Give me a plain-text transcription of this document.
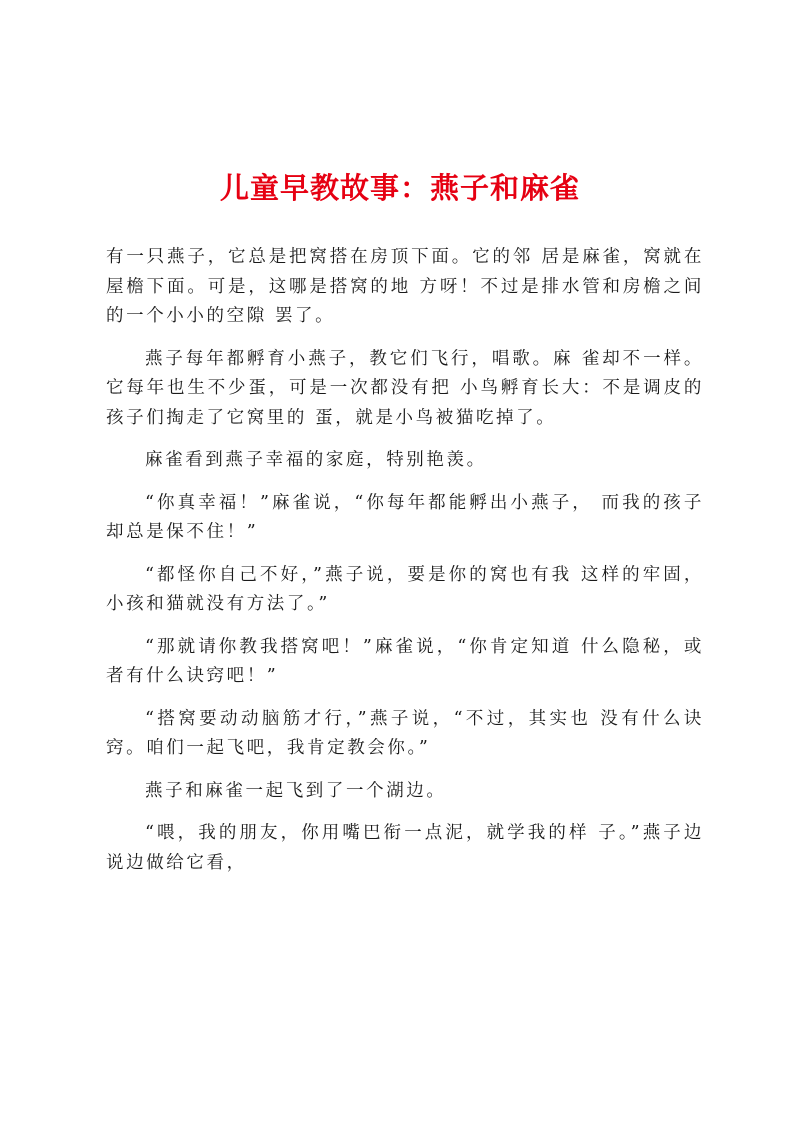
儿童早教故事：燕子和麻雀

有一只燕子，它总是把窝搭在房顶下面。它的邻 居是麻雀，窝就在屋檐下面。可是，这哪是搭窝的地 方呀！不过是排水管和房檐之间的一个小小的空隙 罢了。

燕子每年都孵育小燕子，教它们飞行，唱歌。麻 雀却不一样。它每年也生不少蛋，可是一次都没有把 小鸟孵育长大：不是调皮的孩子们掏走了它窝里的 蛋，就是小鸟被猫吃掉了。

麻雀看到燕子幸福的家庭，特别艳羡。

“你真幸福！”麻雀说，“你每年都能孵出小燕子， 而我的孩子却总是保不住！”

“都怪你自己不好，”燕子说，要是你的窝也有我 这样的牢固，小孩和猫就没有方法了。”

“那就请你教我搭窝吧！”麻雀说，“你肯定知道 什么隐秘，或者有什么诀窍吧！”

“搭窝要动动脑筋才行，”燕子说，“不过，其实也 没有什么诀窍。咱们一起飞吧，我肯定教会你。”

燕子和麻雀一起飞到了一个湖边。

“喂，我的朋友，你用嘴巴衔一点泥，就学我的样 子。”燕子边说边做给它看，
